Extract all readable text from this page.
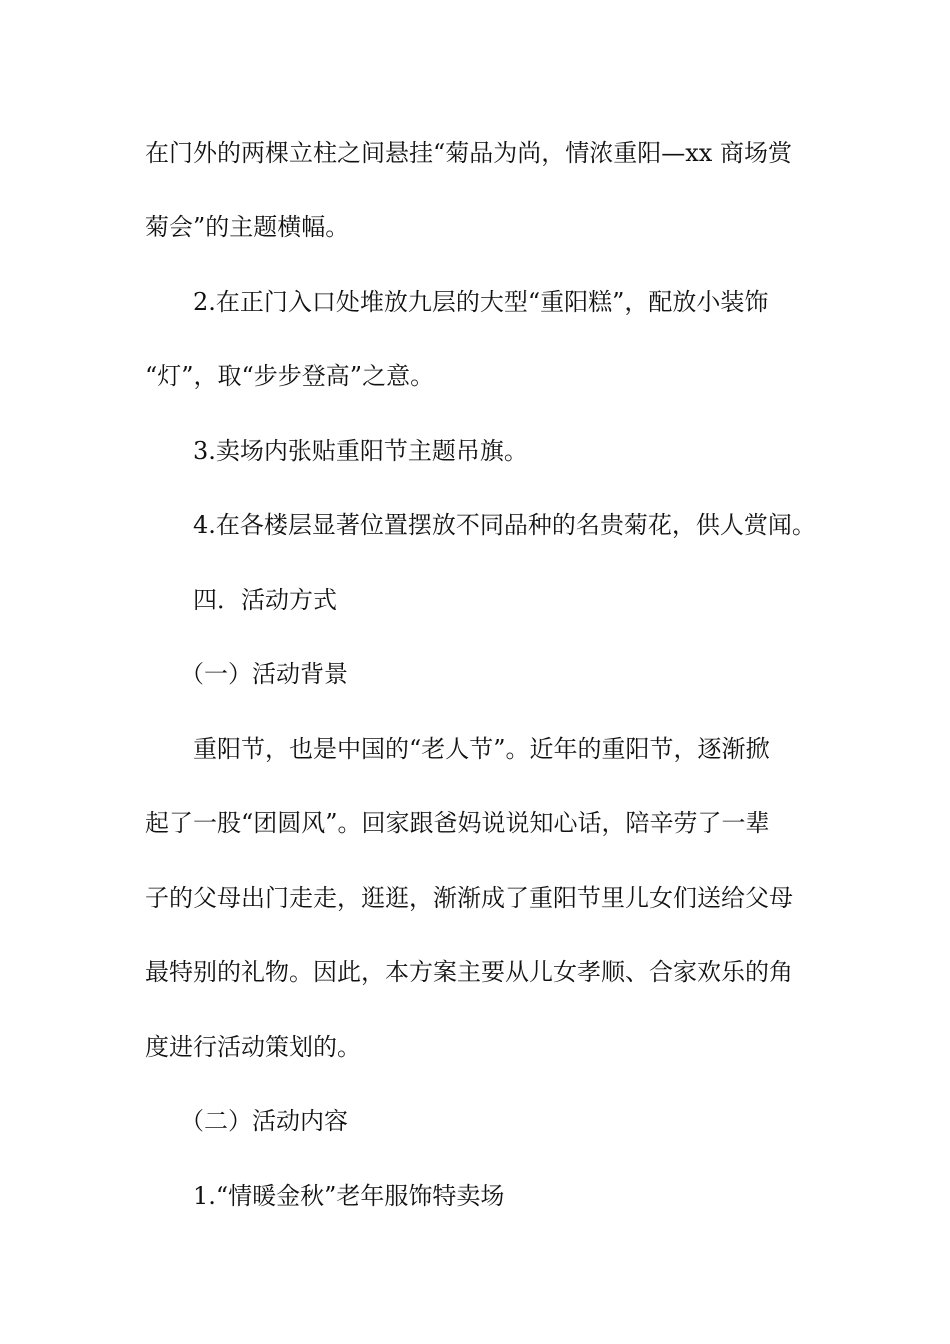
在门外的两棵立柱之间悬挂“菊品为尚，情浓重阳—xx 商场赏
菊会”的主题横幅。
2.在正门入口处堆放九层的大型“重阳糕”，配放小装饰
“灯”，取“步步登高”之意。
3.卖场内张贴重阳节主题吊旗。
4.在各楼层显著位置摆放不同品种的名贵菊花，供人赏闻。
四．活动方式
（一）活动背景
重阳节，也是中国的“老人节”。近年的重阳节，逐渐掀
起了一股“团圆风”。回家跟爸妈说说知心话，陪辛劳了一辈
子的父母出门走走，逛逛，渐渐成了重阳节里儿女们送给父母
最特别的礼物。因此，本方案主要从儿女孝顺、合家欢乐的角
度进行活动策划的。
（二）活动内容
1.“情暖金秋”老年服饰特卖场
